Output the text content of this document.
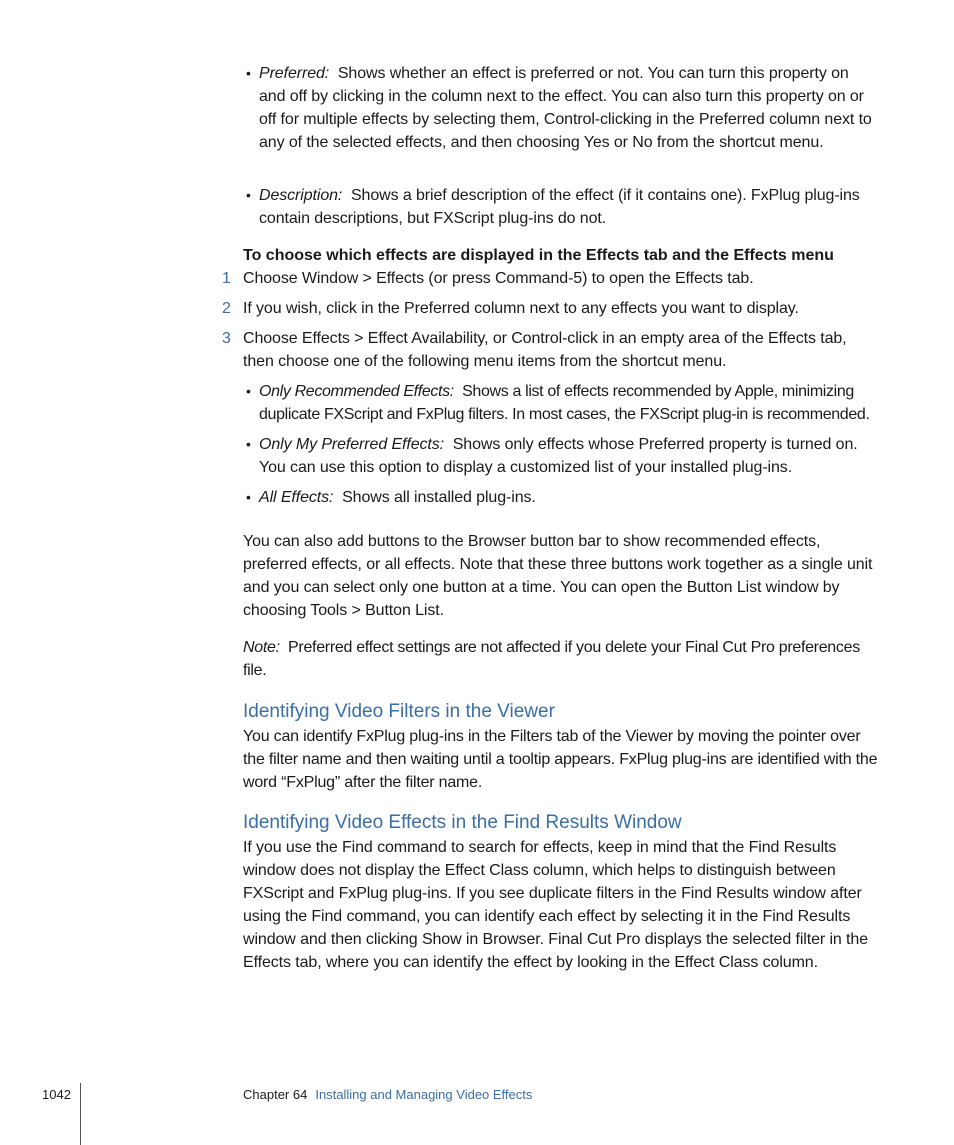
• Preferred: Shows whether an effect is preferred or not. You can turn this property on and off by clicking in the column next to the effect. You can also turn this property on or off for multiple effects by selecting them, Control-clicking in the Preferred column next to any of the selected effects, and then choosing Yes or No from the shortcut menu.

• Description: Shows a brief description of the effect (if it contains one). FxPlug plug-ins contain descriptions, but FXScript plug-ins do not.

To choose which effects are displayed in the Effects tab and the Effects menu

1 Choose Window > Effects (or press Command-5) to open the Effects tab.

2 If you wish, click in the Preferred column next to any effects you want to display.

3 Choose Effects > Effect Availability, or Control-click in an empty area of the Effects tab, then choose one of the following menu items from the shortcut menu.

• Only Recommended Effects: Shows a list of effects recommended by Apple, minimizing duplicate FXScript and FxPlug filters. In most cases, the FXScript plug-in is recommended.

• Only My Preferred Effects: Shows only effects whose Preferred property is turned on. You can use this option to display a customized list of your installed plug-ins.

• All Effects: Shows all installed plug-ins.

You can also add buttons to the Browser button bar to show recommended effects, preferred effects, or all effects. Note that these three buttons work together as a single unit and you can select only one button at a time. You can open the Button List window by choosing Tools > Button List.

Note: Preferred effect settings are not affected if you delete your Final Cut Pro preferences file.

Identifying Video Filters in the Viewer

You can identify FxPlug plug-ins in the Filters tab of the Viewer by moving the pointer over the filter name and then waiting until a tooltip appears. FxPlug plug-ins are identified with the word “FxPlug” after the filter name.

Identifying Video Effects in the Find Results Window

If you use the Find command to search for effects, keep in mind that the Find Results window does not display the Effect Class column, which helps to distinguish between FXScript and FxPlug plug-ins. If you see duplicate filters in the Find Results window after using the Find command, you can identify each effect by selecting it in the Find Results window and then clicking Show in Browser. Final Cut Pro displays the selected filter in the Effects tab, where you can identify the effect by looking in the Effect Class column.

1042	Chapter 64 Installing and Managing Video Effects
